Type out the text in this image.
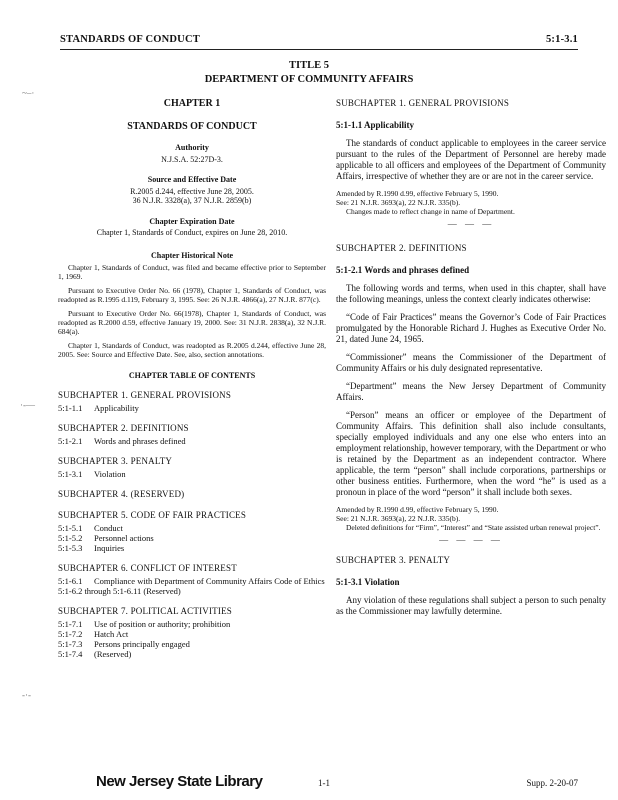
STANDARDS OF CONDUCT	5:1-3.1
TITLE 5
DEPARTMENT OF COMMUNITY AFFAIRS
~–·
·-—
-·‐
CHAPTER 1
STANDARDS OF CONDUCT
Authority
N.J.S.A. 52:27D-3.
Source and Effective Date
R.2005 d.244, effective June 28, 2005.
36 N.J.R. 3328(a), 37 N.J.R. 2859(b)
Chapter Expiration Date
Chapter 1, Standards of Conduct, expires on June 28, 2010.
Chapter Historical Note
Chapter 1, Standards of Conduct, was filed and became effective prior to September 1, 1969.
Pursuant to Executive Order No. 66 (1978), Chapter 1, Standards of Conduct, was readopted as R.1995 d.119, February 3, 1995. See: 26 N.J.R. 4866(a), 27 N.J.R. 877(c).
Pursuant to Executive Order No. 66(1978), Chapter 1, Standards of Conduct, was readopted as R.2000 d.59, effective January 19, 2000. See: 31 N.J.R. 2838(a), 32 N.J.R. 684(a).
Chapter 1, Standards of Conduct, was readopted as R.2005 d.244, effective June 28, 2005. See: Source and Effective Date. See, also, section annotations.
CHAPTER TABLE OF CONTENTS
SUBCHAPTER 1. GENERAL PROVISIONS
5:1-1.1	Applicability
SUBCHAPTER 2. DEFINITIONS
5:1-2.1	Words and phrases defined
SUBCHAPTER 3. PENALTY
5:1-3.1	Violation
SUBCHAPTER 4. (RESERVED)
SUBCHAPTER 5. CODE OF FAIR PRACTICES
5:1-5.1	Conduct
5:1-5.2	Personnel actions
5:1-5.3	Inquiries
SUBCHAPTER 6. CONFLICT OF INTEREST
5:1-6.1	Compliance with Department of Community Affairs Code of Ethics
5:1-6.2 through 5:1-6.11 (Reserved)
SUBCHAPTER 7. POLITICAL ACTIVITIES
5:1-7.1	Use of position or authority; prohibition
5:1-7.2	Hatch Act
5:1-7.3	Persons principally engaged
5:1-7.4	(Reserved)
SUBCHAPTER 1. GENERAL PROVISIONS
5:1-1.1 Applicability
The standards of conduct applicable to employees in the career service pursuant to the rules of the Department of Personnel are hereby made applicable to all officers and employees of the Department of Community Affairs, irrespective of whether they are or are not in the career service.
Amended by R.1990 d.99, effective February 5, 1990.
See: 21 N.J.R. 3693(a), 22 N.J.R. 335(b).
Changes made to reflect change in name of Department.
— — —
SUBCHAPTER 2. DEFINITIONS
5:1-2.1 Words and phrases defined
The following words and terms, when used in this chapter, shall have the following meanings, unless the context clearly indicates otherwise:
“Code of Fair Practices” means the Governor’s Code of Fair Practices promulgated by the Honorable Richard J. Hughes as Executive Order No. 21, dated June 24, 1965.
“Commissioner” means the Commissioner of the Department of Community Affairs or his duly designated representative.
“Department” means the New Jersey Department of Community Affairs.
“Person” means an officer or employee of the Department of Community Affairs. This definition shall also include consultants, specially employed individuals and any one else who enters into an employment relationship, however temporary, with the Department or who is retained by the Department as an independent contractor. Where applicable, the term “person” shall include corporations, partnerships or other business entities. Furthermore, when the word “he” is used as a pronoun in place of the word “person” it shall include both sexes.
Amended by R.1990 d.99, effective February 5, 1990.
See: 21 N.J.R. 3693(a), 22 N.J.R. 335(b).
Deleted definitions for “Firm”, “Interest” and “State assisted urban renewal project”.
— — — —
SUBCHAPTER 3. PENALTY
5:1-3.1 Violation
Any violation of these regulations shall subject a person to such penalty as the Commissioner may lawfully determine.
New Jersey State Library	1-1	Supp. 2-20-07
